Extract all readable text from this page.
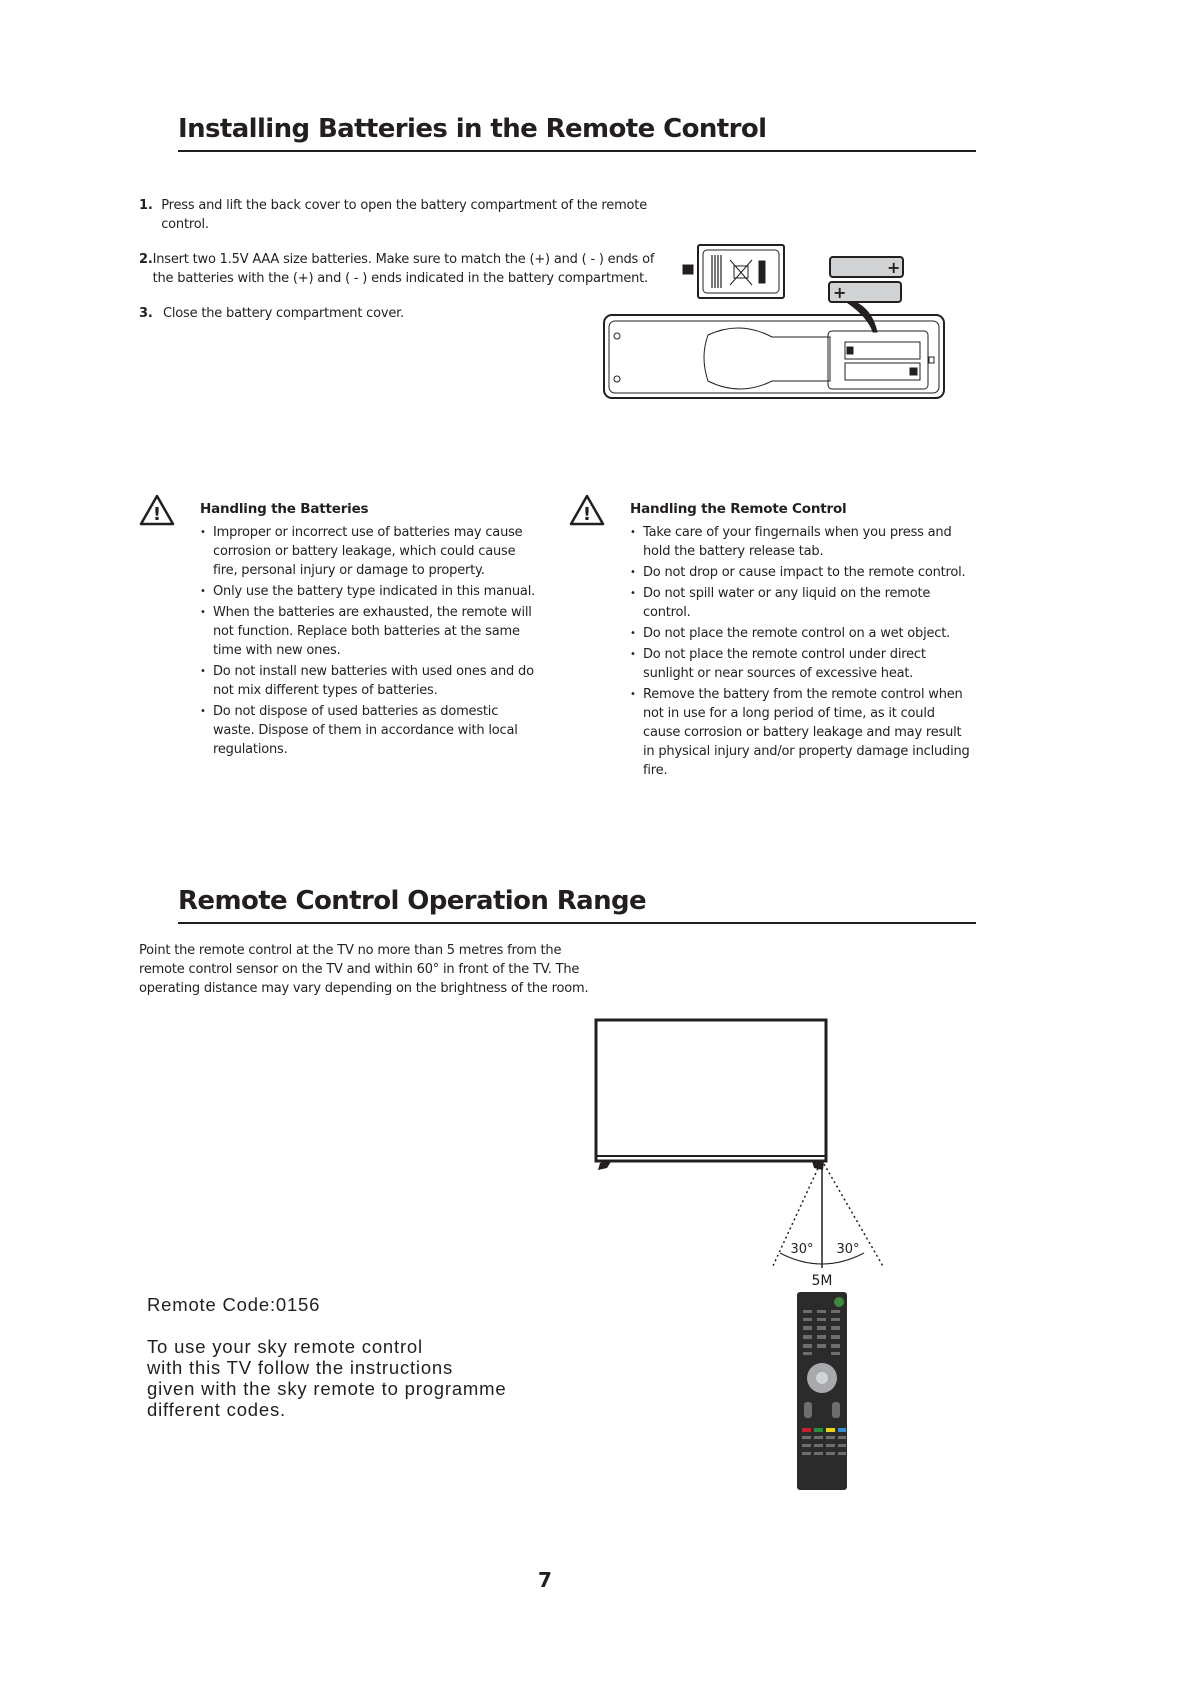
Installing Batteries in the Remote Control
1. Press and lift the back cover to open the battery compartment of the remote control.
2. Insert two 1.5V AAA size batteries. Make sure to match the (+) and ( - ) ends of the batteries with the (+) and ( - ) ends indicated in the battery compartment.
3. Close the battery compartment cover.
+
+
!	Handling the Batteries
• Improper or incorrect use of batteries may cause corrosion or battery leakage, which could cause fire, personal injury or damage to property.
• Only use the battery type indicated in this manual.
• When the batteries are exhausted, the remote will not function. Replace both batteries at the same time with new ones.
• Do not install new batteries with used ones and do not mix different types of batteries.
• Do not dispose of used batteries as domestic waste. Dispose of them in accordance with local regulations.
!	Handling the Remote Control
• Take care of your fingernails when you press and hold the battery release tab.
• Do not drop or cause impact to the remote control.
• Do not spill water or any liquid on the remote control.
• Do not place the remote control on a wet object.
• Do not place the remote control under direct sunlight or near sources of excessive heat.
• Remove the battery from the remote control when not in use for a long period of time, as it could cause corrosion or battery leakage and may result in physical injury and/or property damage including fire.
Remote Control Operation Range
Point the remote control at the TV no more than 5 metres from the remote control sensor on the TV and within 60° in front of the TV. The operating distance may vary depending on the brightness of the room.
30° 30°
5M
Remote Code:0156
To use your sky remote control
with this TV follow the instructions
given with the sky remote to programme
different codes.
7
